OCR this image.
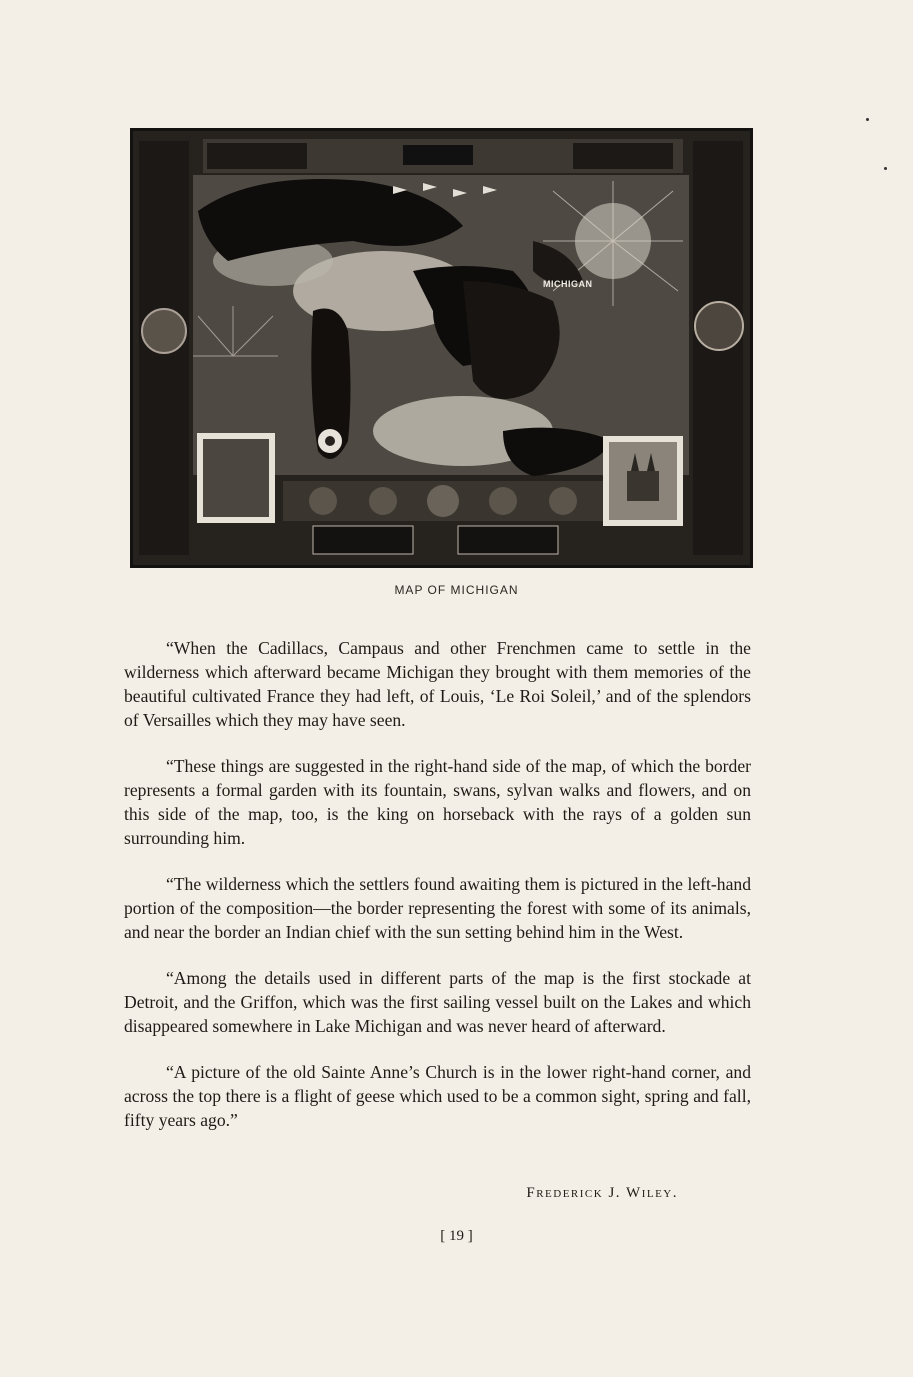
MICHIGAN
MAP OF MICHIGAN

“When the Cadillacs, Campaus and other Frenchmen came to settle in the wilderness which afterward became Michigan they brought with them memories of the beautiful cultivated France they had left, of Louis, ‘Le Roi Soleil,’ and of the splendors of Versailles which they may have seen.

“These things are suggested in the right-hand side of the map, of which the border represents a formal garden with its fountain, swans, sylvan walks and flowers, and on this side of the map, too, is the king on horseback with the rays of a golden sun surrounding him.

“The wilderness which the settlers found awaiting them is pictured in the left-hand portion of the composition—the border representing the forest with some of its animals, and near the border an Indian chief with the sun setting behind him in the West.

“Among the details used in different parts of the map is the first stockade at Detroit, and the Griffon, which was the first sailing vessel built on the Lakes and which disappeared somewhere in Lake Michigan and was never heard of afterward.

“A picture of the old Sainte Anne’s Church is in the lower right-hand corner, and across the top there is a flight of geese which used to be a common sight, spring and fall, fifty years ago.”

Frederick J. Wiley.
[ 19 ]
